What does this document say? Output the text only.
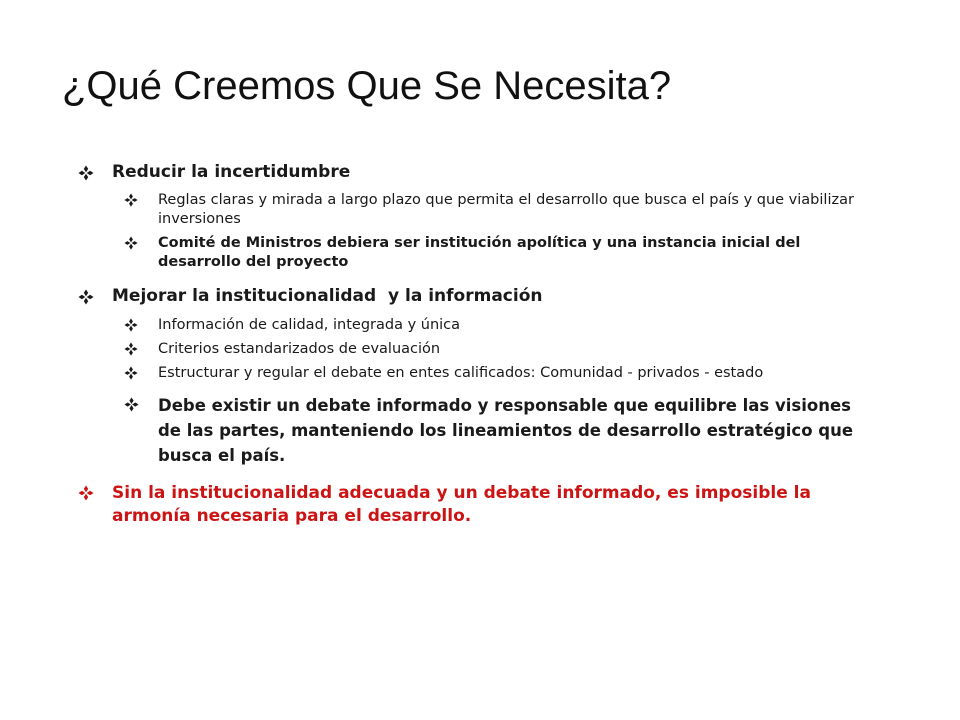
¿Qué Creemos Que Se Necesita?
Reducir la incertidumbre
Reglas claras y mirada a largo plazo que permita el desarrollo que busca el país y que viabilizar inversiones
Comité de Ministros debiera ser institución apolítica y una instancia inicial del desarrollo del proyecto
Mejorar la institucionalidad  y la información
Información de calidad, integrada y única
Criterios estandarizados de evaluación
Estructurar y regular el debate en entes calificados: Comunidad - privados - estado
Debe existir un debate informado y responsable que equilibre las visiones de las partes, manteniendo los lineamientos de desarrollo estratégico que busca el país.
Sin la institucionalidad adecuada y un debate informado, es imposible la armonía necesaria para el desarrollo.
